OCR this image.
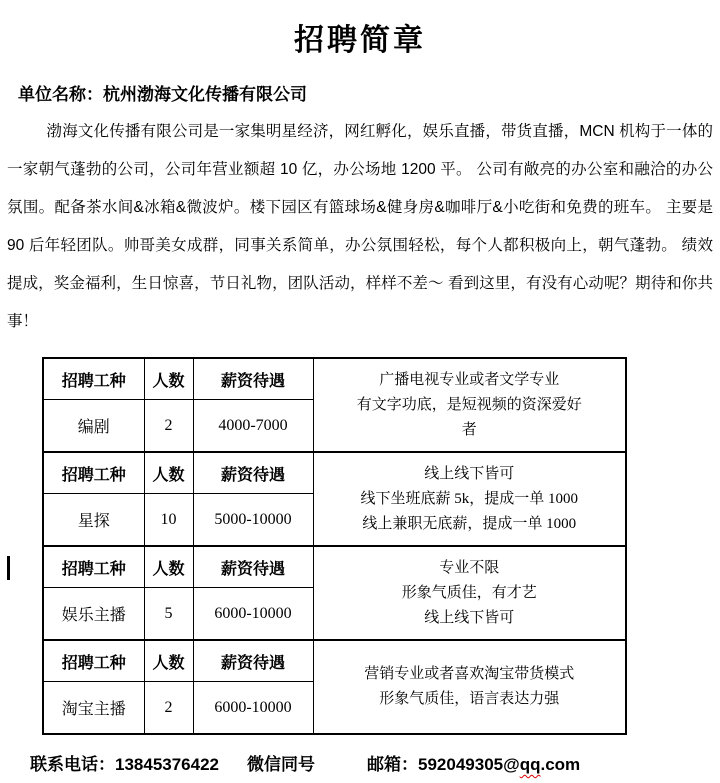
招聘简章
单位名称：杭州渤海文化传播有限公司

渤海文化传播有限公司是一家集明星经济，网红孵化，娱乐直播，带货直播，MCN 机构于一体的一家朝气蓬勃的公司，公司年营业额超 10 亿，办公场地 1200 平。 公司有敞亮的办公室和融洽的办公氛围。配备茶水间&冰箱&微波炉。楼下园区有篮球场&健身房&咖啡厅&小吃街和免费的班车。 主要是 90 后年轻团队。帅哥美女成群，同事关系简单，办公氛围轻松，每个人都积极向上，朝气蓬勃。 绩效提成，奖金福利，生日惊喜，节日礼物，团队活动，样样不差～ 看到这里，有没有心动呢？期待和你共事！

招聘工种	人数	薪资待遇	广播电视专业或者文学专业
有文字功底，是短视频的资深爱好
者

编剧	2	4000-7000	
招聘工种	人数	薪资待遇	线上线下皆可
线下坐班底薪 5k，提成一单 1000
线上兼职无底薪，提成一单 1000

星探	10	5000-10000	
招聘工种	人数	薪资待遇	专业不限
形象气质佳，有才艺
线上线下皆可

娱乐主播	5	6000-10000	
招聘工种	人数	薪资待遇	营销专业或者喜欢淘宝带货模式
形象气质佳，语言表达力强

淘宝主播	2	6000-10000	
联系电话：13845376422 微信同号	邮箱：592049305@qq.com
